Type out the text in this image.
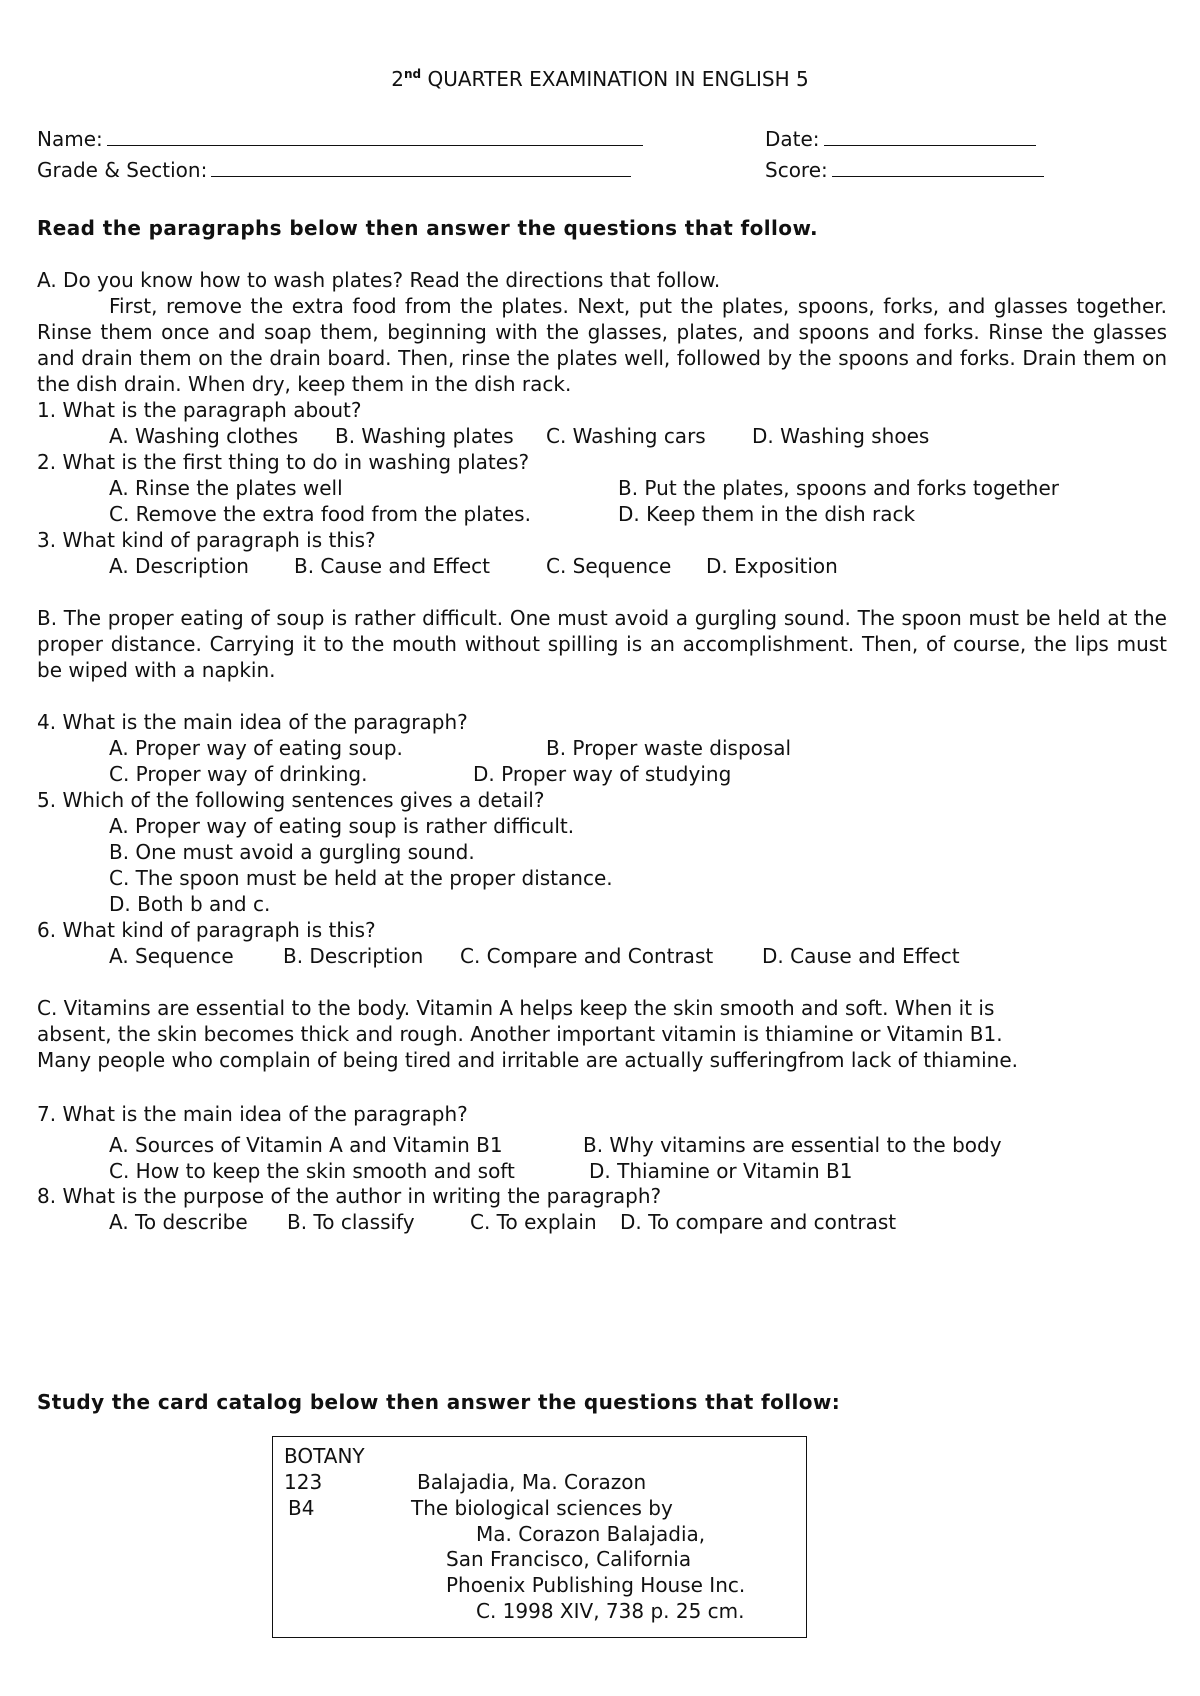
2nd QUARTER EXAMINATION IN ENGLISH 5
Name:	Date:
Grade & Section:	Score:
Read the paragraphs below then answer the questions that follow.
A. Do you know how to wash plates? Read the directions that follow.
First, remove the extra food from the plates. Next, put the plates, spoons, forks, and glasses together. Rinse them once and soap them, beginning with the glasses, plates, and spoons and forks. Rinse the glasses and drain them on the drain board. Then, rinse the plates well, followed by the spoons and forks. Drain them on the dish drain. When dry, keep them in the dish rack.
1. What is the paragraph about?
A. Washing clothes B. Washing plates C. Washing cars D. Washing shoes
2. What is the first thing to do in washing plates?
A. Rinse the plates well	B. Put the plates, spoons and forks together
C. Remove the extra food from the plates.	D. Keep them in the dish rack
3. What kind of paragraph is this?
A. Description B. Cause and Effect	C. Sequence D. Exposition
B. The proper eating of soup is rather difficult. One must avoid a gurgling sound. The spoon must be held at the proper distance. Carrying it to the mouth without spilling is an accomplishment. Then, of course, the lips must be wiped with a napkin.
4. What is the main idea of the paragraph?
A. Proper way of eating soup.	B. Proper waste disposal
C. Proper way of drinking.	D. Proper way of studying
5. Which of the following sentences gives a detail?
A. Proper way of eating soup is rather difficult.
B. One must avoid a gurgling sound.
C. The spoon must be held at the proper distance.
D. Both b and c.
6. What kind of paragraph is this?
A. Sequence B. Description C. Compare and Contrast D. Cause and Effect
C. Vitamins are essential to the body. Vitamin A helps keep the skin smooth and soft. When it is
absent, the skin becomes thick and rough. Another important vitamin is thiamine or Vitamin B1.
Many people who complain of being tired and irritable are actually sufferingfrom lack of thiamine.
7. What is the main idea of the paragraph?
A. Sources of Vitamin A and Vitamin B1	B. Why vitamins are essential to the body
C. How to keep the skin smooth and soft	D. Thiamine or Vitamin B1
8. What is the purpose of the author in writing the paragraph?
A. To describe B. To classify	C. To explain D. To compare and contrast
Study the card catalog below then answer the questions that follow:
BOTANY
123	Balajadia, Ma. Corazon
B4	The biological sciences by
Ma. Corazon Balajadia,
San Francisco, California
Phoenix Publishing House Inc.
C. 1998 XIV, 738 p. 25 cm.
